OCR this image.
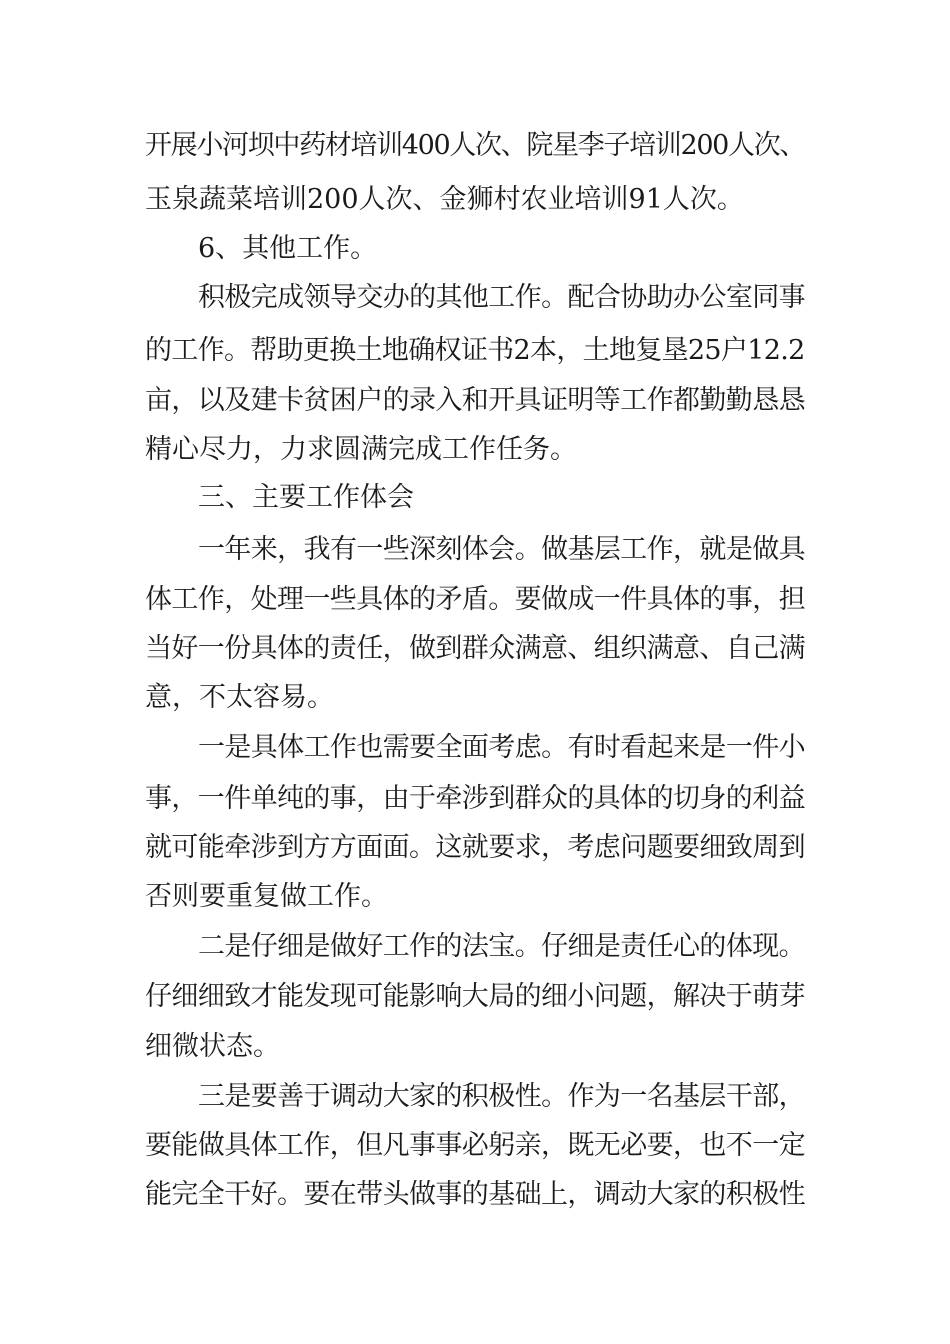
开展小河坝中药材培训400人次、院星李子培训200人次、
玉泉蔬菜培训200人次、金狮村农业培训91人次。
6、其他工作。
积极完成领导交办的其他工作。配合协助办公室同事
的工作。帮助更换土地确权证书2本，土地复垦25户12.2
亩，以及建卡贫困户的录入和开具证明等工作都勤勤恳恳
精心尽力，力求圆满完成工作任务。
三、主要工作体会
一年来，我有一些深刻体会。做基层工作，就是做具
体工作，处理一些具体的矛盾。要做成一件具体的事，担
当好一份具体的责任，做到群众满意、组织满意、自己满
意，不太容易。
一是具体工作也需要全面考虑。有时看起来是一件小
事，一件单纯的事，由于牵涉到群众的具体的切身的利益
就可能牵涉到方方面面。这就要求，考虑问题要细致周到
否则要重复做工作。
二是仔细是做好工作的法宝。仔细是责任心的体现。
仔细细致才能发现可能影响大局的细小问题，解决于萌芽
细微状态。
三是要善于调动大家的积极性。作为一名基层干部，
要能做具体工作，但凡事事必躬亲，既无必要，也不一定
能完全干好。要在带头做事的基础上，调动大家的积极性
